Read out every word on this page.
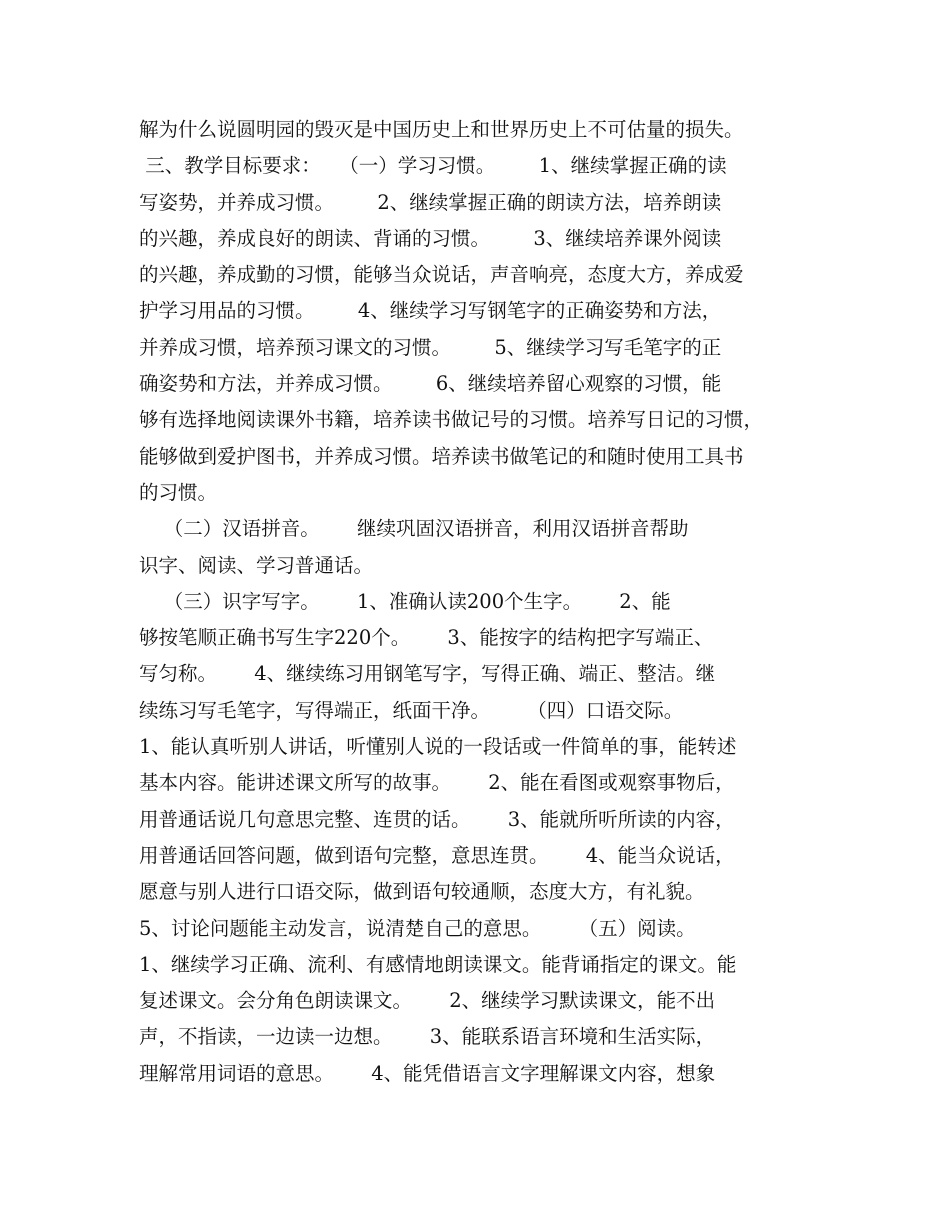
解为什么说圆明园的毁灭是中国历史上和世界历史上不可估量的损失。
三、教学目标要求：   （一）学习习惯。       1、继续掌握正确的读
写姿势，并养成习惯。       2、继续掌握正确的朗读方法，培养朗读
的兴趣，养成良好的朗读、背诵的习惯。       3、继续培养课外阅读
的兴趣，养成勤的习惯，能够当众说话，声音响亮，态度大方，养成爱
护学习用品的习惯。       4、继续学习写钢笔字的正确姿势和方法，
并养成习惯，培养预习课文的习惯。       5、继续学习写毛笔字的正
确姿势和方法，并养成习惯。       6、继续培养留心观察的习惯，能
够有选择地阅读课外书籍，培养读书做记号的习惯。培养写日记的习惯，
能够做到爱护图书，并养成习惯。培养读书做笔记的和随时使用工具书
的习惯。
（二）汉语拼音。      继续巩固汉语拼音，利用汉语拼音帮助
识字、阅读、学习普通话。
（三）识字写字。      1、准确认读200个生字。      2、能
够按笔顺正确书写生字220个。      3、能按字的结构把字写端正、
写匀称。      4、继续练习用钢笔写字，写得正确、端正、整洁。继
续练习写毛笔字，写得端正，纸面干净。      （四）口语交际。
1、能认真听别人讲话，听懂别人说的一段话或一件简单的事，能转述
基本内容。能讲述课文所写的故事。      2、能在看图或观察事物后，
用普通话说几句意思完整、连贯的话。      3、能就所听所读的内容，
用普通话回答问题，做到语句完整，意思连贯。      4、能当众说话，
愿意与别人进行口语交际，做到语句较通顺，态度大方，有礼貌。
5、讨论问题能主动发言，说清楚自己的意思。      （五）阅读。
1、继续学习正确、流利、有感情地朗读课文。能背诵指定的课文。能
复述课文。会分角色朗读课文。      2、继续学习默读课文，能不出
声，不指读，一边读一边想。      3、能联系语言环境和生活实际，
理解常用词语的意思。      4、能凭借语言文字理解课文内容，想象
